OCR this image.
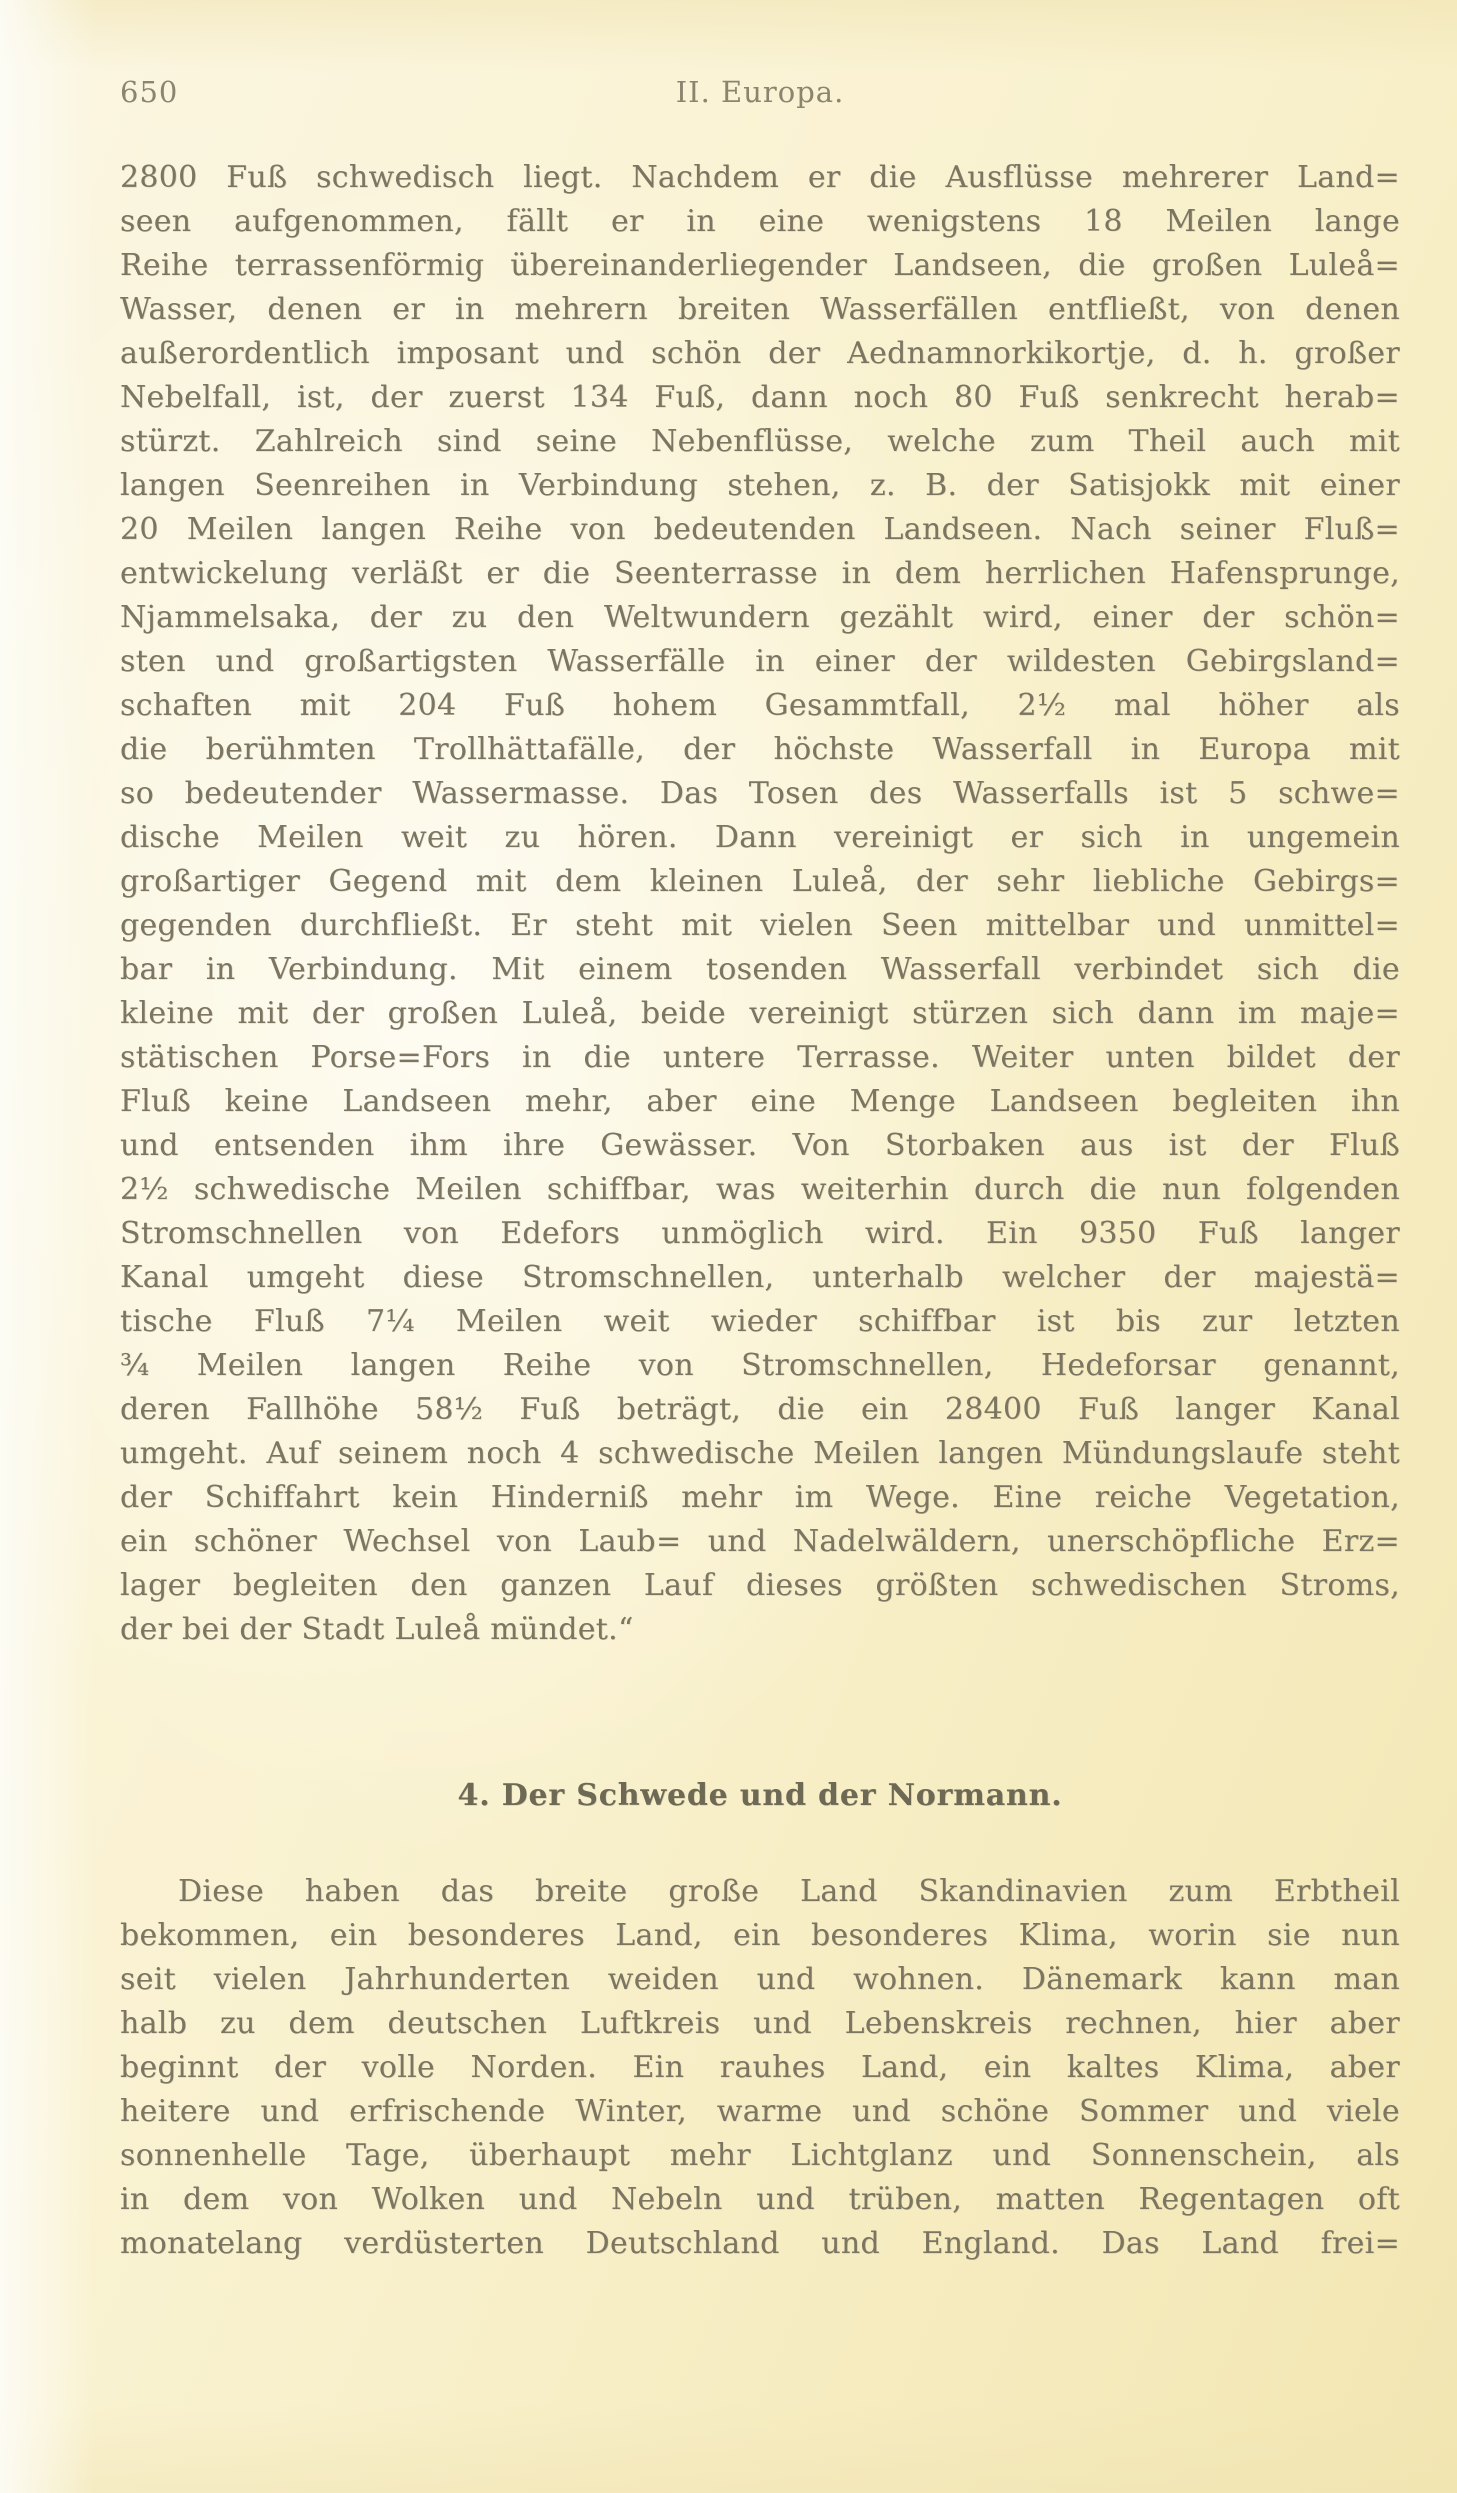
650	II. Europa.
2800 Fuß schwedisch liegt. Nachdem er die Ausflüsse mehrerer Land=
seen aufgenommen, fällt er in eine wenigstens 18 Meilen lange
Reihe terrassenförmig übereinanderliegender Landseen, die großen Luleå=
Wasser, denen er in mehrern breiten Wasserfällen entfließt, von denen
außerordentlich imposant und schön der Aednamnorkikortje, d. h. großer
Nebelfall, ist, der zuerst 134 Fuß, dann noch 80 Fuß senkrecht herab=
stürzt. Zahlreich sind seine Nebenflüsse, welche zum Theil auch mit
langen Seenreihen in Verbindung stehen, z. B. der Satisjokk mit einer
20 Meilen langen Reihe von bedeutenden Landseen. Nach seiner Fluß=
entwickelung verläßt er die Seenterrasse in dem herrlichen Hafensprunge,
Njammelsaka, der zu den Weltwundern gezählt wird, einer der schön=
sten und großartigsten Wasserfälle in einer der wildesten Gebirgsland=
schaften mit 204 Fuß hohem Gesammtfall, 2½ mal höher als
die berühmten Trollhättafälle, der höchste Wasserfall in Europa mit
so bedeutender Wassermasse. Das Tosen des Wasserfalls ist 5 schwe=
dische Meilen weit zu hören. Dann vereinigt er sich in ungemein
großartiger Gegend mit dem kleinen Luleå, der sehr liebliche Gebirgs=
gegenden durchfließt. Er steht mit vielen Seen mittelbar und unmittel=
bar in Verbindung. Mit einem tosenden Wasserfall verbindet sich die
kleine mit der großen Luleå, beide vereinigt stürzen sich dann im maje=
stätischen Porse=Fors in die untere Terrasse. Weiter unten bildet der
Fluß keine Landseen mehr, aber eine Menge Landseen begleiten ihn
und entsenden ihm ihre Gewässer. Von Storbaken aus ist der Fluß
2½ schwedische Meilen schiffbar, was weiterhin durch die nun folgenden
Stromschnellen von Edefors unmöglich wird. Ein 9350 Fuß langer
Kanal umgeht diese Stromschnellen, unterhalb welcher der majestä=
tische Fluß 7¼ Meilen weit wieder schiffbar ist bis zur letzten
¾ Meilen langen Reihe von Stromschnellen, Hedeforsar genannt,
deren Fallhöhe 58½ Fuß beträgt, die ein 28400 Fuß langer Kanal
umgeht. Auf seinem noch 4 schwedische Meilen langen Mündungslaufe steht
der Schiffahrt kein Hinderniß mehr im Wege. Eine reiche Vegetation,
ein schöner Wechsel von Laub= und Nadelwäldern, unerschöpfliche Erz=
lager begleiten den ganzen Lauf dieses größten schwedischen Stroms,
der bei der Stadt Luleå mündet.“
4. Der Schwede und der Normann.
Diese haben das breite große Land Skandinavien zum Erbtheil
bekommen, ein besonderes Land, ein besonderes Klima, worin sie nun
seit vielen Jahrhunderten weiden und wohnen. Dänemark kann man
halb zu dem deutschen Luftkreis und Lebenskreis rechnen, hier aber
beginnt der volle Norden. Ein rauhes Land, ein kaltes Klima, aber
heitere und erfrischende Winter, warme und schöne Sommer und viele
sonnenhelle Tage, überhaupt mehr Lichtglanz und Sonnenschein, als
in dem von Wolken und Nebeln und trüben, matten Regentagen oft
monatelang verdüsterten Deutschland und England. Das Land frei=
